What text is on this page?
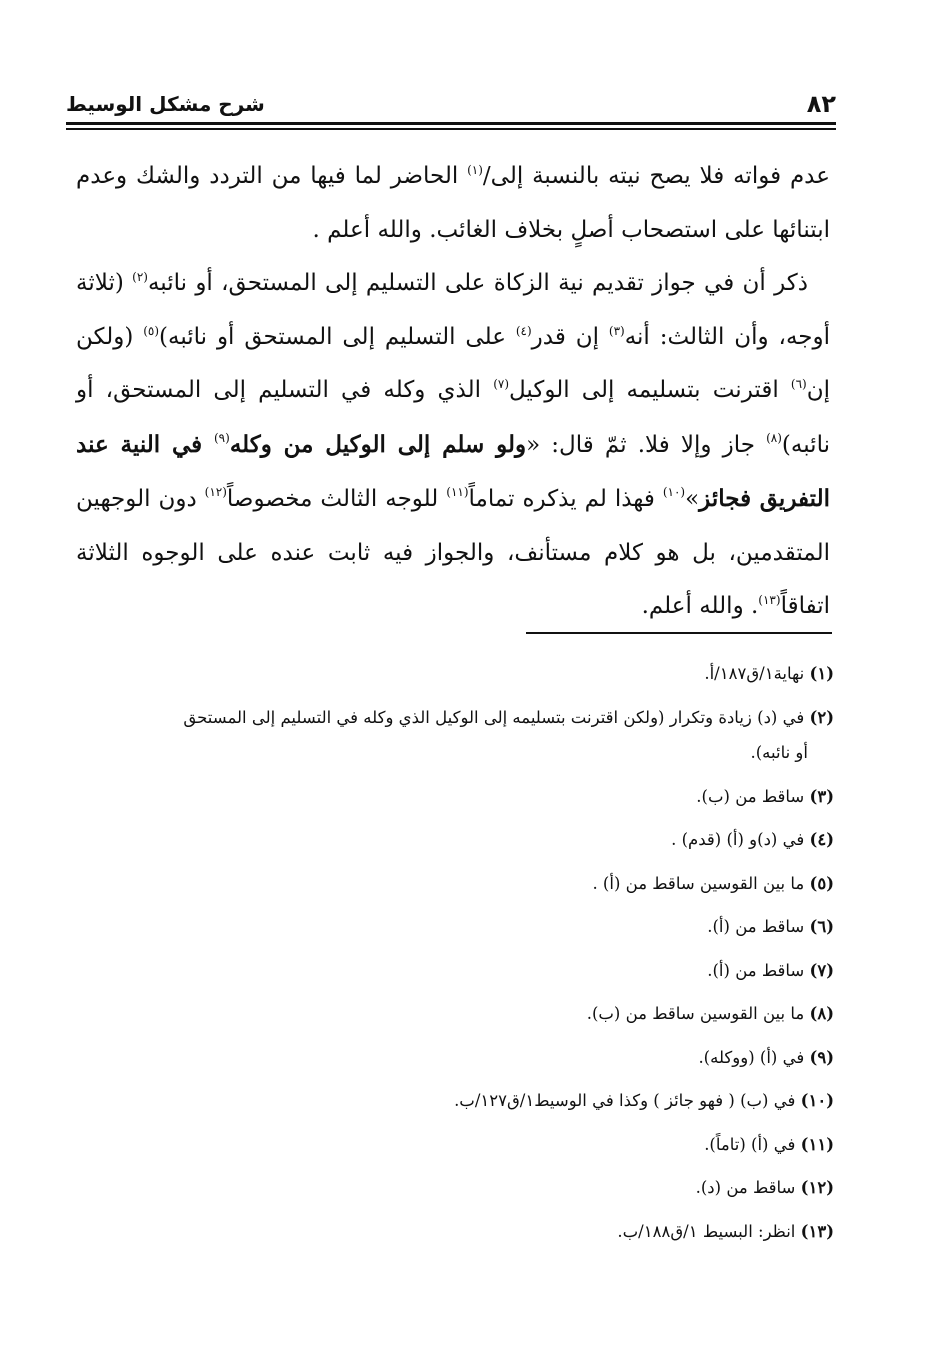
٨٢
شرح مشكل الوسيط

عدم فواته فلا يصح نيته بالنسبة إلى/$^{(١)}$ الحاضر لما فيها من التردد والشك وعدم ابتنائها على استصحاب أصلٍ بخلاف الغائب. والله أعلم .

ذكر أن في جواز تقديم نية الزكاة على التسليم إلى المستحق، أو نائبه$^{(٢)}$ (ثلاثة أوجه، وأن الثالث: أنه$^{(٣)}$ إن قدر$^{(٤)}$ على التسليم إلى المستحق أو نائبه)$^{(٥)}$ (ولكن إن$^{(٦)}$ اقترنت بتسليمه إلى الوكيل$^{(٧)}$ الذي وكله في التسليم إلى المستحق، أو نائبه)$^{(٨)}$ جاز وإلا فلا. ثمّ قال: «ولو سلم إلى الوكيل من وكله$^{(٩)}$ في النية عند التفريق فجائز»$^{(١٠)}$ فهذا لم يذكره تماماً$^{(١١)}$ للوجه الثالث مخصوصاً$^{(١٢)}$ دون الوجهين المتقدمين، بل هو كلام مستأنف، والجواز فيه ثابت عنده على الوجوه الثلاثة اتفاقاً$^{(١٣)}$. والله أعلم.

(١) نهاية١/ق١٨٧/أ.
(٢) في (د) زيادة وتكرار (ولكن اقترنت بتسليمه إلى الوكيل الذي وكله في التسليم إلى المستحق
أو نائبه).
(٣) ساقط من (ب).
(٤) في (د)و (أ) (قدم) .
(٥) ما بين القوسين ساقط من (أ) .
(٦) ساقط من (أ).
(٧) ساقط من (أ).
(٨) ما بين القوسين ساقط من (ب).
(٩) في (أ) (ووكله).
(١٠) في (ب) ( فهو جائز ) وكذا في الوسيط١/ق١٢٧/ب.
(١١) في (أ) (تاماً).
(١٢) ساقط من (د).
(١٣) انظر: البسيط ١/ق١٨٨/ب.
